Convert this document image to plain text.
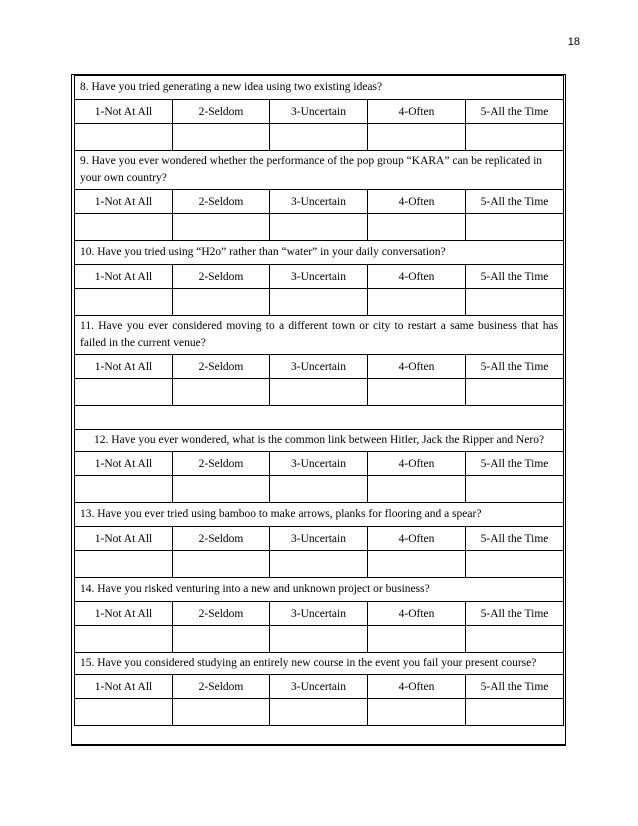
18
8. Have you tried generating a new idea using two existing ideas?				
1-Not At All	2-Seldom	3-Uncertain	4-Often	5-All the Time

9. Have you ever wondered whether the performance of the pop group “KARA” can be replicated in your own country?				
1-Not At All	2-Seldom	3-Uncertain	4-Often	5-All the Time

10. Have you tried using “H2o” rather than “water” in your daily conversation?				
1-Not At All	2-Seldom	3-Uncertain	4-Often	5-All the Time

11. Have you ever considered moving to a different town or city to restart a same business that has failed in the current venue?				
1-Not At All	2-Seldom	3-Uncertain	4-Often	5-All the Time

12. Have you ever wondered, what is the common link between Hitler, Jack the Ripper and Nero?				
1-Not At All	2-Seldom	3-Uncertain	4-Often	5-All the Time

13. Have you ever tried using bamboo to make arrows, planks for flooring and a spear?				
1-Not At All	2-Seldom	3-Uncertain	4-Often	5-All the Time

14. Have you risked venturing into a new and unknown project or business?				
1-Not At All	2-Seldom	3-Uncertain	4-Often	5-All the Time

15. Have you considered studying an entirely new course in the event you fail your present course?				
1-Not At All	2-Seldom	3-Uncertain	4-Often	5-All the Time
